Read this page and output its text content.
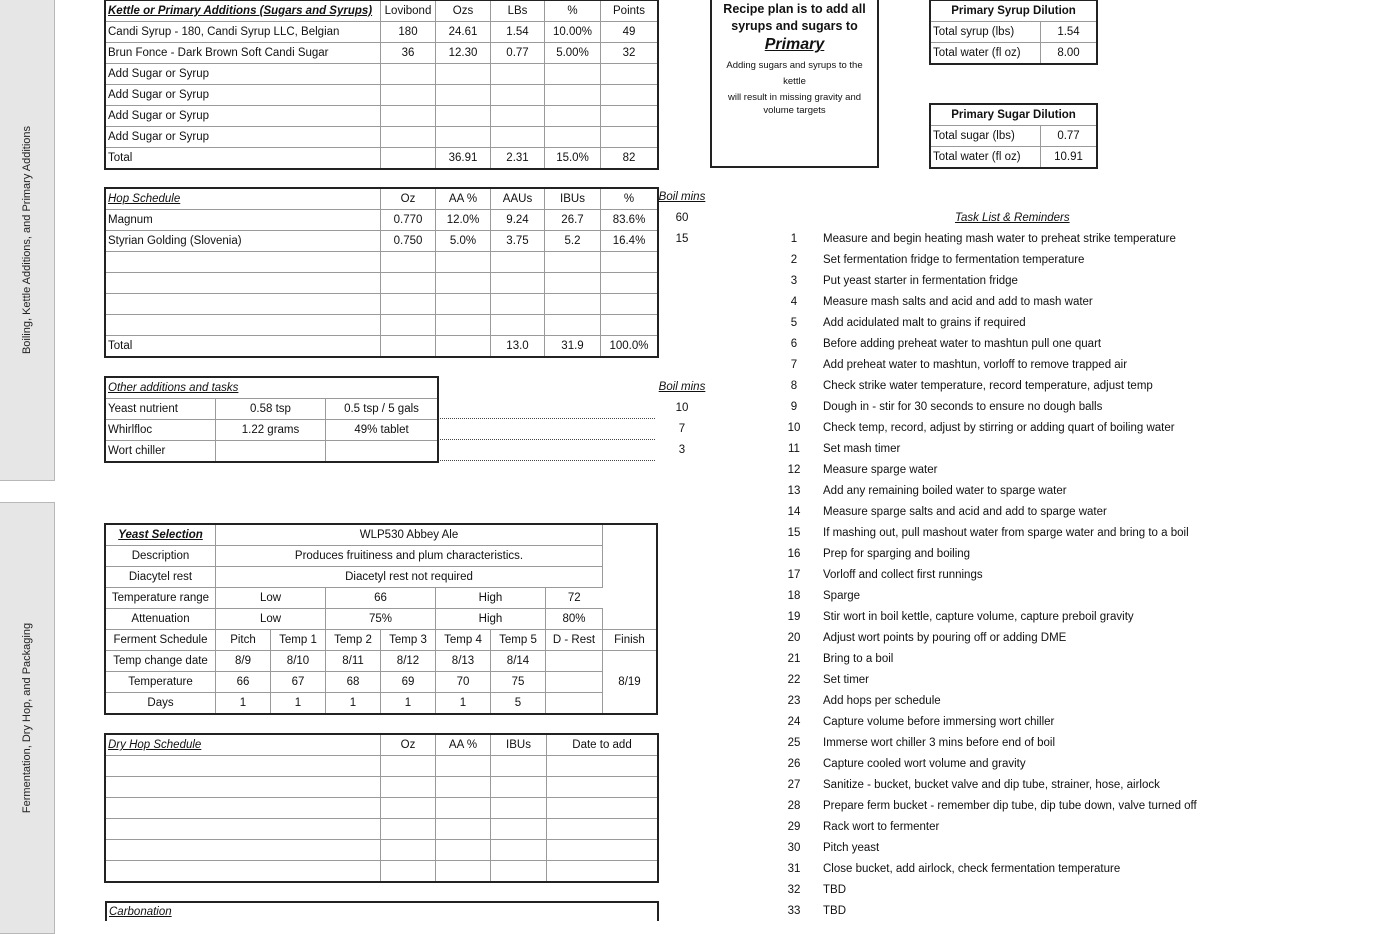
Boiling, Kettle Additions, and Primary Additions
Fermentation, Dry Hop, and Packaging
Kettle or Primary Additions (Sugars and Syrups)	Lovibond	Ozs	LBs	%	Points
Candi Syrup - 180, Candi Syrup LLC, Belgian	180	24.61	1.54	10.00%	49
Brun Fonce - Dark Brown Soft Candi Sugar	36	12.30	0.77	5.00%	32
Add Sugar or Syrup					
Add Sugar or Syrup					
Add Sugar or Syrup					
Add Sugar or Syrup					
Total		36.91	2.31	15.0%	82
Recipe plan is to add all
syrups and sugars to
Primary
Adding sugars and syrups to the
kettle
will result in missing gravity and
volume targets
Primary Syrup Dilution	
Total syrup (lbs)	1.54
Total water (fl oz)	8.00
Primary Sugar Dilution	
Total sugar (lbs)	0.77
Total water (fl oz)	10.91
Hop Schedule	Oz	AA %	AAUs	IBUs	%
Magnum	0.770	12.0%	9.24	26.7	83.6%
Styrian Golding (Slovenia)	0.750	5.0%	3.75	5.2	16.4%

Total			13.0	31.9	100.0%
Boil mins
60
15
Other additions and tasks		
Yeast nutrient	0.58 tsp	0.5 tsp / 5 gals
Whirlfloc	1.22 grams	49% tablet
Wort chiller		
Boil mins
10
7
3
Yeast Selection	WLP530 Abbey Ale							
Description	Produces fruitiness and plum characteristics.							
Diacytel rest	Diacetyl rest not required							
Temperature range	Low		66		High		72	
Attenuation	Low		75%		High		80%	
Ferment Schedule	Pitch	Temp 1	Temp 2	Temp 3	Temp 4	Temp 5	D - Rest	Finish
Temp change date	8/9	8/10	8/11	8/12	8/13	8/14		8/19
Temperature	66	67	68	69	70	75		
Days	1	1	1	1	1	5		
Dry Hop Schedule	Oz	AA %	IBUs	Date to add

Carbonation
Task List & Reminders
1	Measure and begin heating mash water to preheat strike temperature
2	Set fermentation fridge to fermentation temperature
3	Put yeast starter in fermentation fridge
4	Measure mash salts and acid and add to mash water
5	Add acidulated malt to grains if required
6	Before adding preheat water to mashtun pull one quart
7	Add preheat water to mashtun, vorloff to remove trapped air
8	Check strike water temperature, record temperature, adjust temp
9	Dough in - stir for 30 seconds to ensure no dough balls
10	Check temp, record, adjust by stirring or adding quart of boiling water
11	Set mash timer
12	Measure sparge water
13	Add any remaining boiled water to sparge water
14	Measure sparge salts and acid and add to sparge water
15	If mashing out, pull mashout water from sparge water and bring to a boil
16	Prep for sparging and boiling
17	Vorloff and collect first runnings
18	Sparge
19	Stir wort in boil kettle, capture volume, capture preboil gravity
20	Adjust wort points by pouring off or adding DME
21	Bring to a boil
22	Set timer
23	Add hops per schedule
24	Capture volume before immersing wort chiller
25	Immerse wort chiller 3 mins before end of boil
26	Capture cooled wort volume and gravity
27	Sanitize - bucket, bucket valve and dip tube, strainer, hose, airlock
28	Prepare ferm bucket - remember dip tube, dip tube down, valve turned off
29	Rack wort to fermenter
30	Pitch yeast
31	Close bucket, add airlock, check fermentation temperature
32	TBD
33	TBD
